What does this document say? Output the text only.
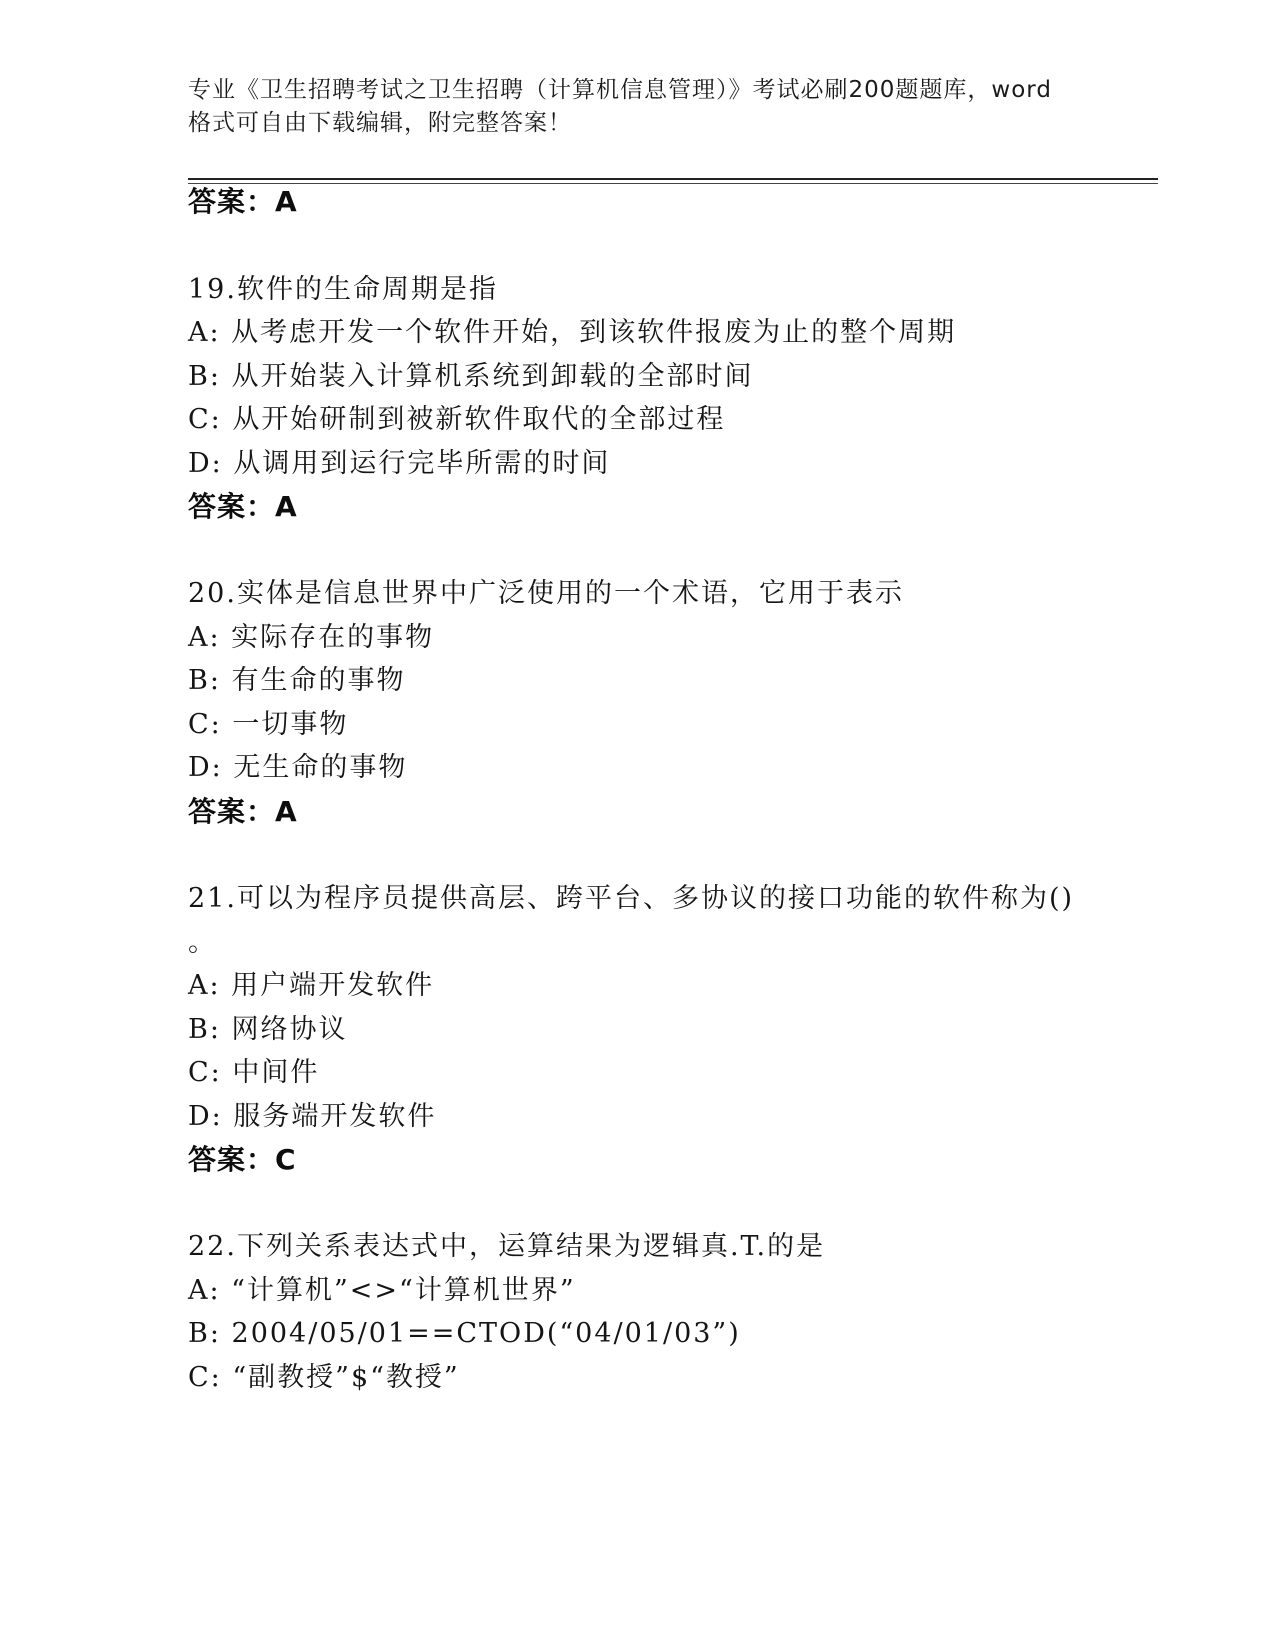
专业《卫生招聘考试之卫生招聘（计算机信息管理）》考试必刷200题题库，word
格式可自由下载编辑，附完整答案！
答案：A
19.软件的生命周期是指
A: 从考虑开发一个软件开始，到该软件报废为止的整个周期
B: 从开始装入计算机系统到卸载的全部时间
C: 从开始研制到被新软件取代的全部过程
D: 从调用到运行完毕所需的时间
答案：A
20.实体是信息世界中广泛使用的一个术语，它用于表示
A: 实际存在的事物
B: 有生命的事物
C: 一切事物
D: 无生命的事物
答案：A
21.可以为程序员提供高层、跨平台、多协议的接口功能的软件称为()
。
A: 用户端开发软件
B: 网络协议
C: 中间件
D: 服务端开发软件
答案：C
22.下列关系表达式中，运算结果为逻辑真.T.的是
A: “计算机”<>“计算机世界”
B: 2004/05/01==CTOD(“04/01/03”)
C: “副教授”$“教授”
